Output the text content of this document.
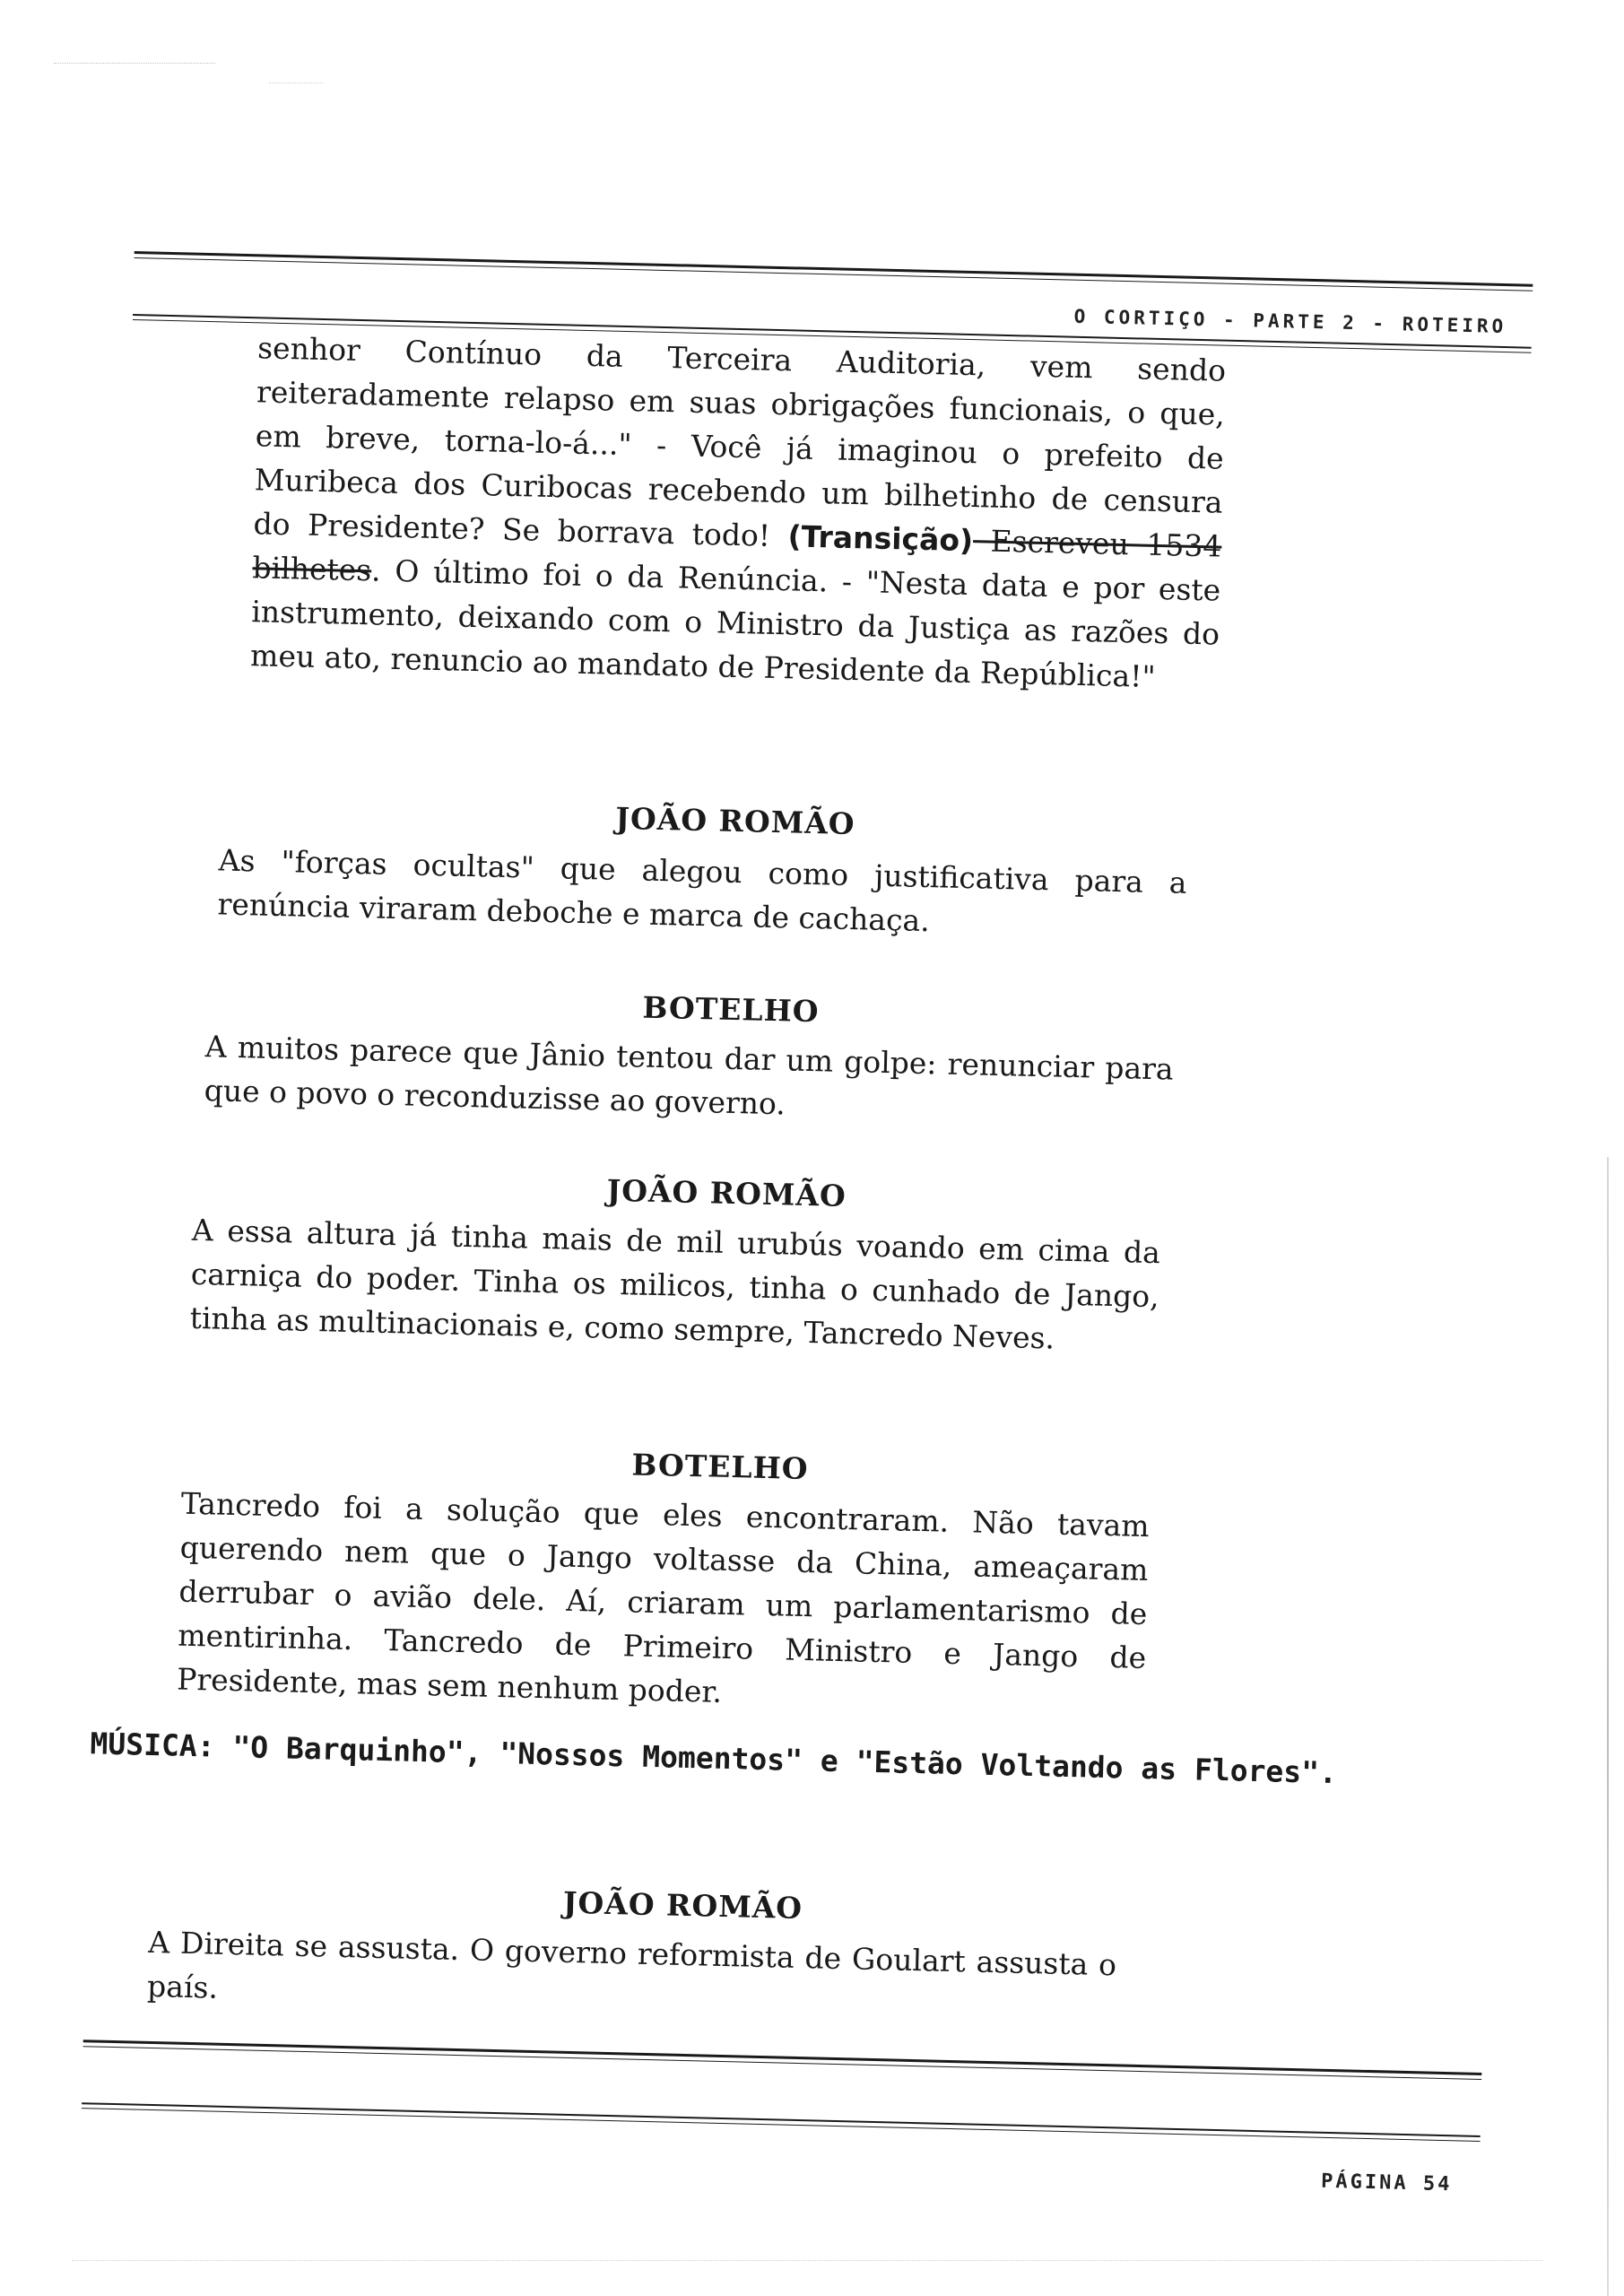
O CORTIÇO - PARTE 2 - ROTEIRO
senhor Contínuo da Terceira Auditoria, vem sendo reiteradamente relapso em suas obrigações funcionais, o que, em breve, torna-lo-á..." - Você já imaginou o prefeito de Muribeca dos Curibocas recebendo um bilhetinho de censura do Presidente? Se borrava todo! (Transição) Escreveu 1534 bilhetes. O último foi o da Renúncia. - "Nesta data e por este instrumento, deixando com o Ministro da Justiça as razões do meu ato, renuncio ao mandato de Presidente da República!"
JOÃO ROMÃO
As "forças ocultas" que alegou como justificativa para a renúncia viraram deboche e marca de cachaça.
BOTELHO
A muitos parece que Jânio tentou dar um golpe: renunciar para que o povo o reconduzisse ao governo.
JOÃO ROMÃO
A essa altura já tinha mais de mil urubús voando em cima da carniça do poder. Tinha os milicos, tinha o cunhado de Jango, tinha as multinacionais e, como sempre, Tancredo Neves.
BOTELHO
Tancredo foi a solução que eles encontraram. Não tavam querendo nem que o Jango voltasse da China, ameaçaram derrubar o avião dele. Aí, criaram um parlamentarismo de mentirinha. Tancredo de Primeiro Ministro e Jango de Presidente, mas sem nenhum poder.
MÚSICA: "O Barquinho", "Nossos Momentos" e "Estão Voltando as Flores".
JOÃO ROMÃO
A Direita se assusta. O governo reformista de Goulart assusta o país.
PÁGINA 54
